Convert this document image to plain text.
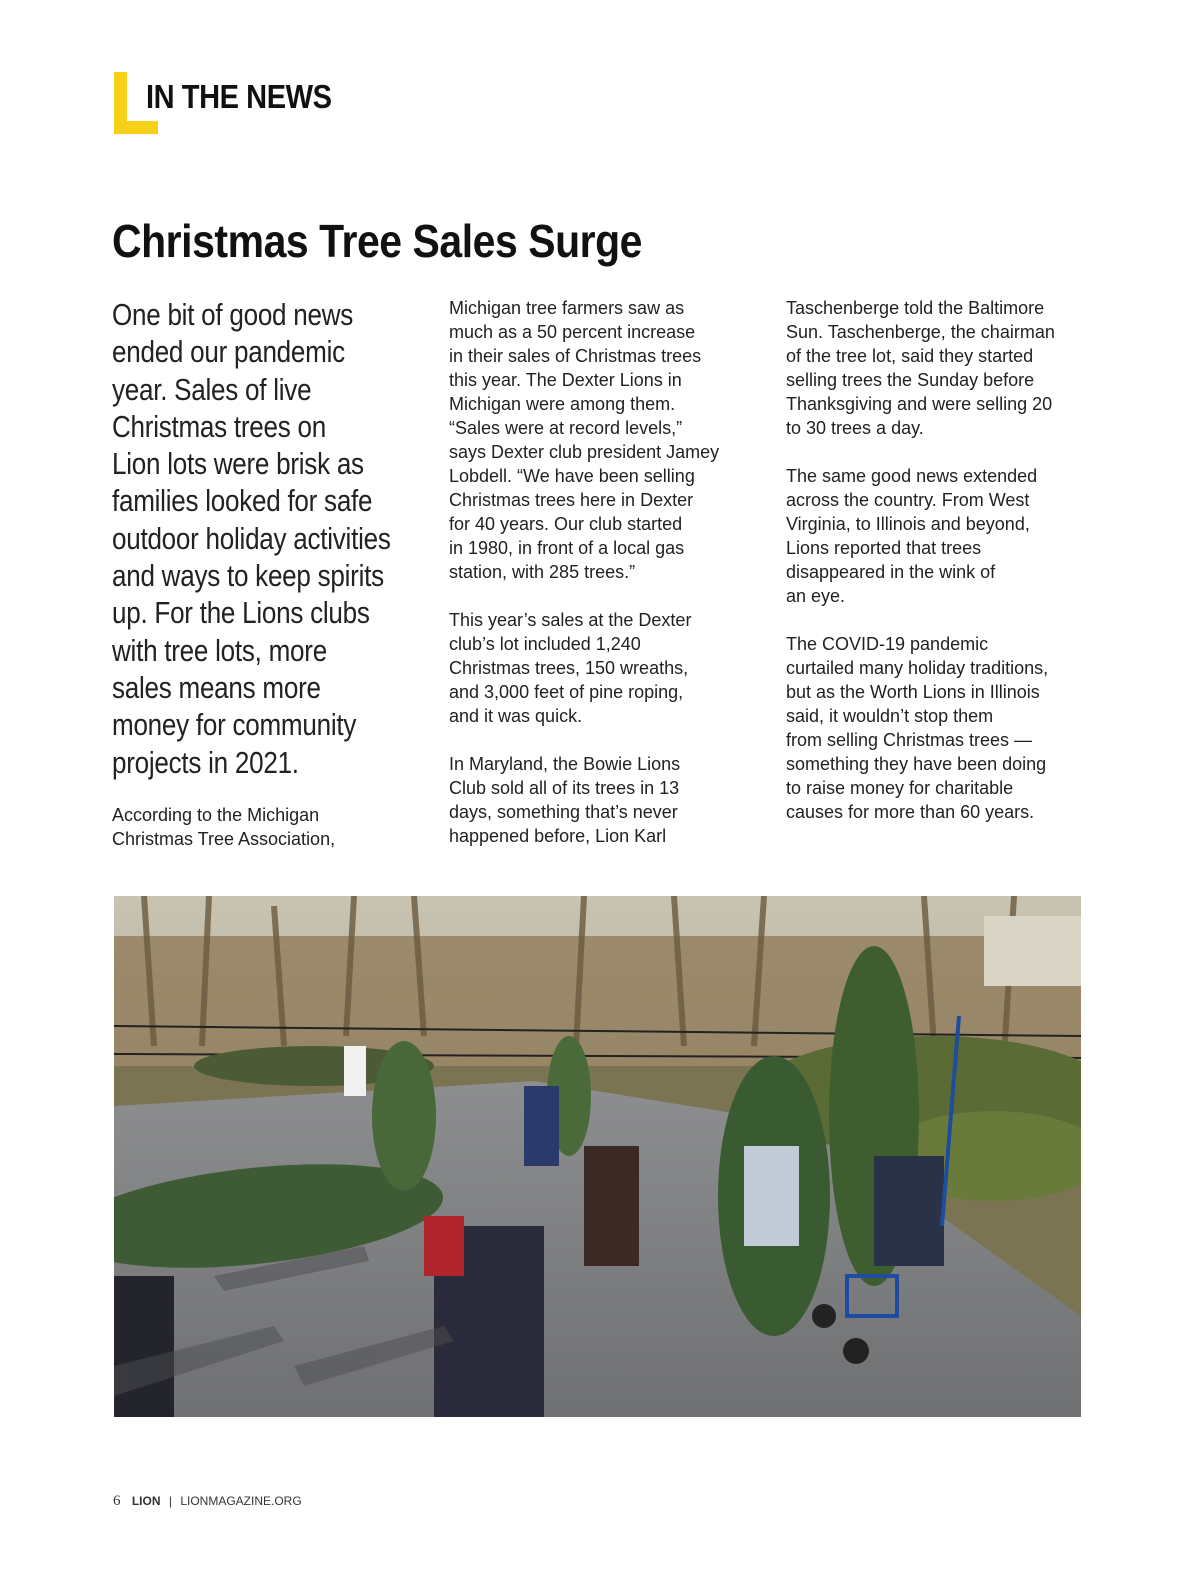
IN THE NEWS
Christmas Tree Sales Surge
One bit of good news
ended our pandemic
year. Sales of live
Christmas trees on
Lion lots were brisk as
families looked for safe
outdoor holiday activities
and ways to keep spirits
up. For the Lions clubs
with tree lots, more
sales means more
money for community
projects in 2021.
According to the Michigan
Christmas Tree Association,
Michigan tree farmers saw as
much as a 50 percent increase
in their sales of Christmas trees
this year. The Dexter Lions in
Michigan were among them.
“Sales were at record levels,”
says Dexter club president Jamey
Lobdell. “We have been selling
Christmas trees here in Dexter
for 40 years. Our club started
in 1980, in front of a local gas
station, with 285 trees.”
This year’s sales at the Dexter
club’s lot included 1,240
Christmas trees, 150 wreaths,
and 3,000 feet of pine roping,
and it was quick.
In Maryland, the Bowie Lions
Club sold all of its trees in 13
days, something that’s never
happened before, Lion Karl
Taschenberge told the Baltimore
Sun. Taschenberge, the chairman
of the tree lot, said they started
selling trees the Sunday before
Thanksgiving and were selling 20
to 30 trees a day.
The same good news extended
across the country. From West
Virginia, to Illinois and beyond,
Lions reported that trees
disappeared in the wink of
an eye.
The COVID-19 pandemic
curtailed many holiday traditions,
but as the Worth Lions in Illinois
said, it wouldn’t stop them
from selling Christmas trees —
something they have been doing
to raise money for charitable
causes for more than 60 years.
6 LION | LIONMAGAZINE.ORG
